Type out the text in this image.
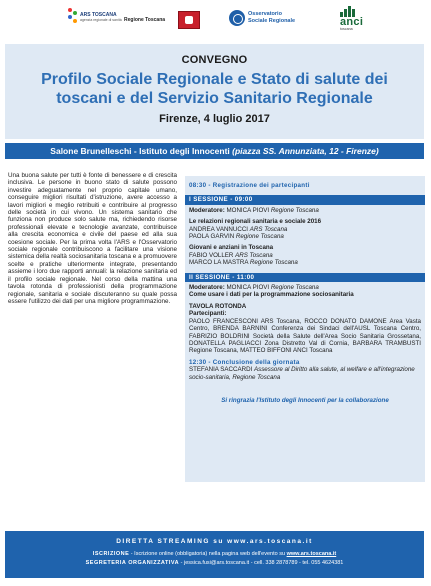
ARS TOSCANA
agenzia regionale di sanità Regione Toscana
Osservatorio
Sociale Regionale	anci
toscana
CONVEGNO
Profilo Sociale Regionale e Stato di salute dei
toscani e del Servizio Sanitario Regionale
Firenze, 4 luglio 2017
Salone Brunelleschi - Istituto degli Innocenti (piazza SS. Annunziata, 12 - Firenze)
Una buona salute per tutti è fonte di benessere e di crescita inclusiva. Le persone in buono stato di salute possono investire adeguatamente nel proprio capitale umano, conseguire migliori risultati d'istruzione, avere accesso a lavori migliori e meglio retribuiti e contribuire al progresso delle società in cui vivono. Un sistema sanitario che funziona non produce solo salute ma, richiedendo risorse professionali elevate e tecnologie avanzate, contribuisce alla crescita economica e civile del paese ed alla sua coesione sociale. Per la prima volta l'ARS e l'Osservatorio sociale regionale contribuiscono a facilitare una visione sistemica della realtà sociosanitaria toscana e a promuovere scelte e pratiche ulteriormente integrate, presentando assieme i loro due rapporti annuali: la relazione sanitaria ed il profilo sociale regionale. Nel corso della mattina una tavola rotonda di professionisti della programmazione regionale, sanitaria e sociale discuteranno su quale possa essere l'utilizzo dei dati per una migliore programmazione.
08:30 - Registrazione dei partecipanti
I SESSIONE - 09:00
Moderatore: MONICA PIOVI Regione Toscana
Le relazioni regionali sanitaria e sociale 2016
ANDREA VANNUCCI ARS Toscana
PAOLA GARVIN Regione Toscana
Giovani e anziani in Toscana
FABIO VOLLER ARS Toscana
MARCO LA MASTRA Regione Toscana
II SESSIONE - 11:00
Moderatore: MONICA PIOVI Regione Toscana
Come usare i dati per la programmazione sociosanitaria
TAVOLA ROTONDA
Partecipanti:
PAOLO FRANCESCONI ARS Toscana, ROCCO DONATO DAMONE Area Vasta Centro, BRENDA BARNINI Conferenza dei Sindaci dell'AUSL Toscana Centro, FABRIZIO BOLDRINI Società della Salute dell'Area Socio Sanitaria Grossetana, DONATELLA PAGLIACCI Zona Distretto Val di Cornia, BARBARA TRAMBUSTI Regione Toscana, MATTEO BIFFONI ANCI Toscana
12:30 - Conclusione della giornata
STEFANIA SACCARDI Assessore al Diritto alla salute, al welfare e all'integrazione socio-sanitaria, Regione Toscana
Si ringrazia l'Istituto degli Innocenti per la collaborazione
DIRETTA STREAMING su www.ars.toscana.it
ISCRIZIONE - Iscrizione online (obbligatoria) nella pagina web dell'evento su www.ars.toscana.it
SEGRETERIA ORGANIZZATIVA - jessica.fusi@ars.toscana.it - cell. 338 2878789 - tel. 055 4624381
